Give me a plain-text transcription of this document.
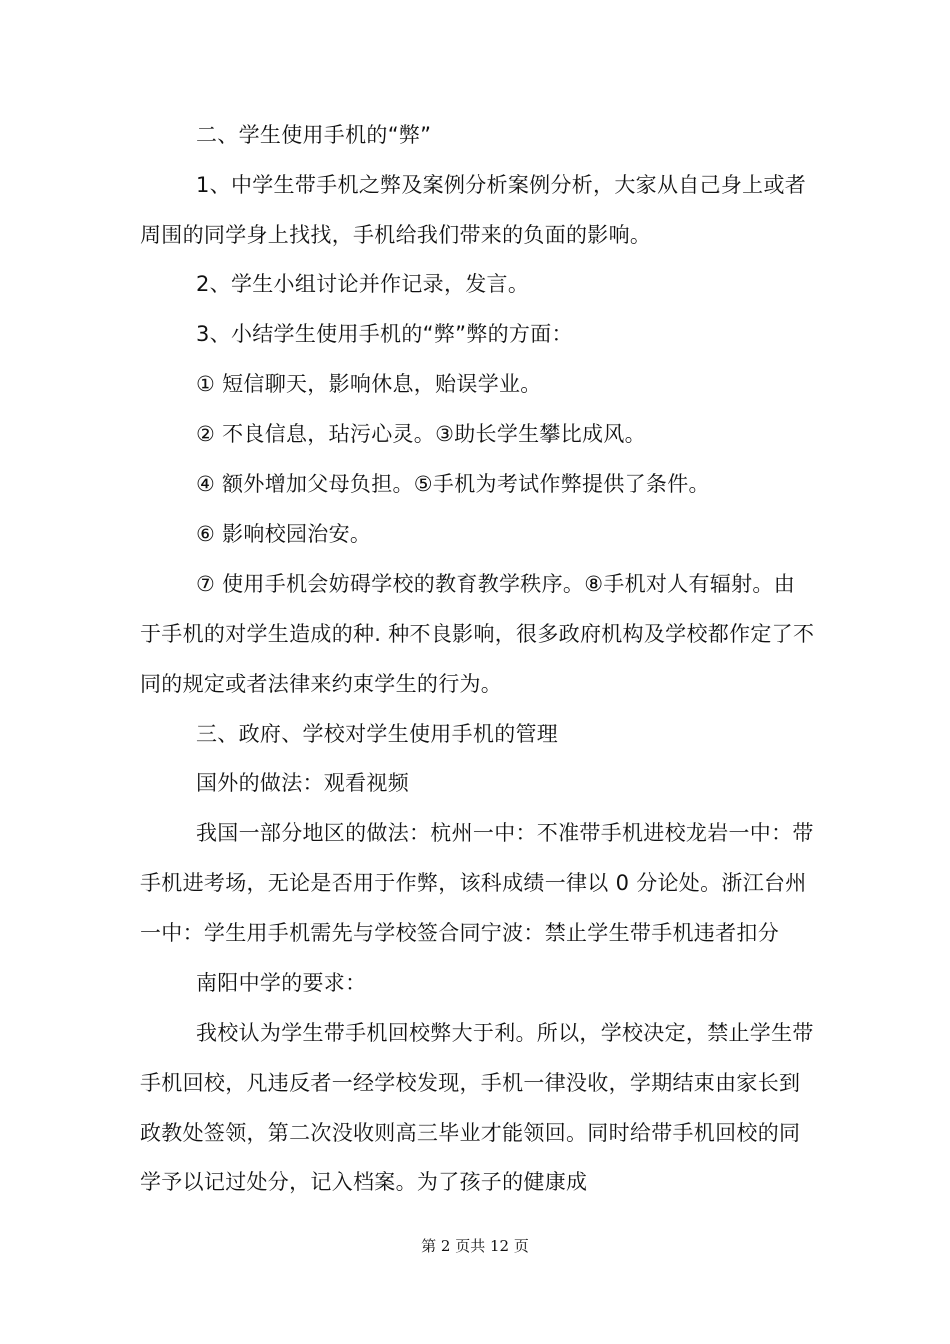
二、学生使用手机的“弊”
1、中学生带手机之弊及案例分析案例分析，大家从自己身上或者
周围的同学身上找找，手机给我们带来的负面的影响。
2、学生小组讨论并作记录，发言。
3、小结学生使用手机的“弊”弊的方面：
① 短信聊天，影响休息，贻误学业。
② 不良信息，玷污心灵。③助长学生攀比成风。
④ 额外增加父母负担。⑤手机为考试作弊提供了条件。
⑥ 影响校园治安。
⑦ 使用手机会妨碍学校的教育教学秩序。⑧手机对人有辐射。由
于手机的对学生造成的种. 种不良影响，很多政府机构及学校都作定了不
同的规定或者法律来约束学生的行为。
三、政府、学校对学生使用手机的管理
国外的做法：观看视频
我国一部分地区的做法：杭州一中：不准带手机进校龙岩一中：带
手机进考场，无论是否用于作弊，该科成绩一律以 0 分论处。浙江台州
一中：学生用手机需先与学校签合同宁波：禁止学生带手机违者扣分
南阳中学的要求：
我校认为学生带手机回校弊大于利。所以，学校决定，禁止学生带
手机回校，凡违反者一经学校发现，手机一律没收，学期结束由家长到
政教处签领，第二次没收则高三毕业才能领回。同时给带手机回校的同
学予以记过处分，记入档案。为了孩子的健康成
第 2 页共 12 页
